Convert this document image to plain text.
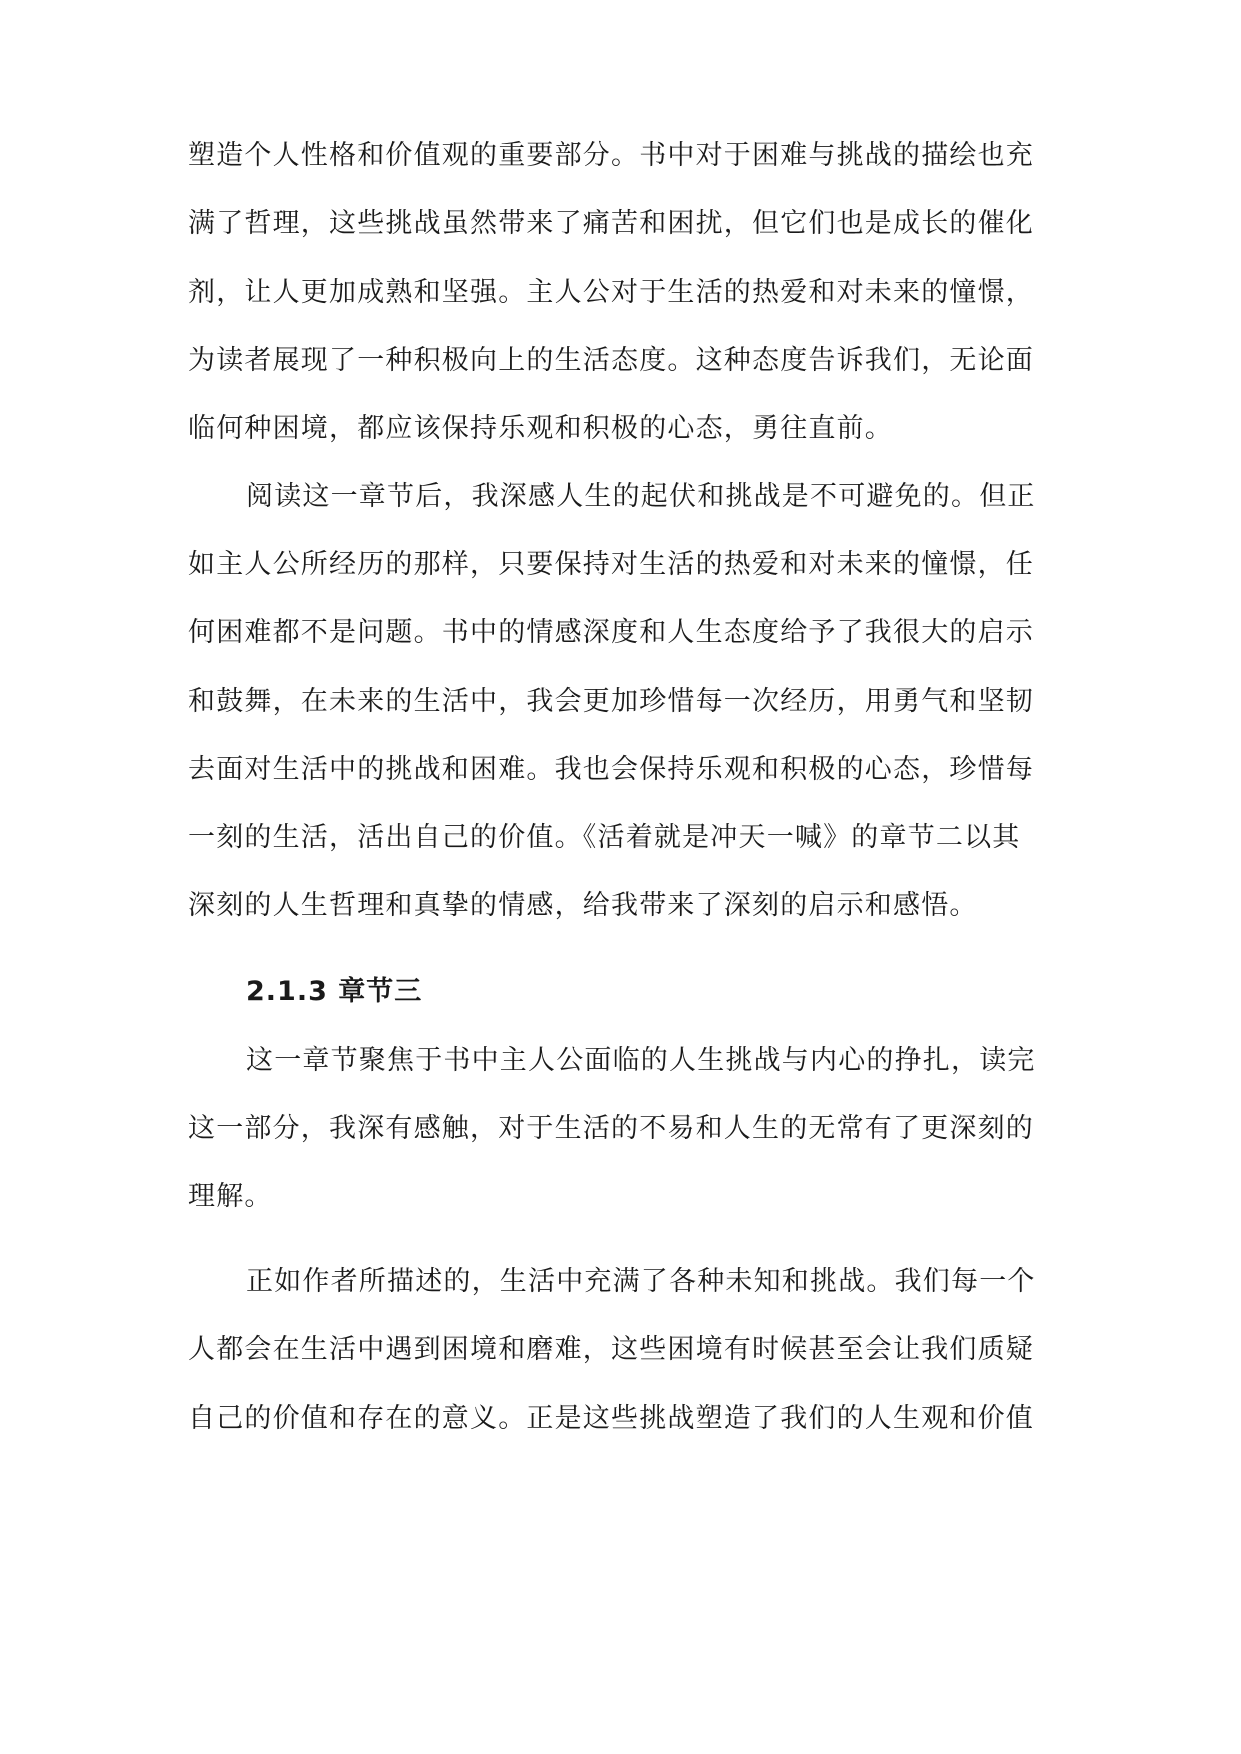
塑造个人性格和价值观的重要部分。书中对于困难与挑战的描绘也充
满了哲理，这些挑战虽然带来了痛苦和困扰，但它们也是成长的催化
剂，让人更加成熟和坚强。主人公对于生活的热爱和对未来的憧憬，
为读者展现了一种积极向上的生活态度。这种态度告诉我们，无论面
临何种困境，都应该保持乐观和积极的心态，勇往直前。
阅读这一章节后，我深感人生的起伏和挑战是不可避免的。但正
如主人公所经历的那样，只要保持对生活的热爱和对未来的憧憬，任
何困难都不是问题。书中的情感深度和人生态度给予了我很大的启示
和鼓舞，在未来的生活中，我会更加珍惜每一次经历，用勇气和坚韧
去面对生活中的挑战和困难。我也会保持乐观和积极的心态，珍惜每
一刻的生活，活出自己的价值。《活着就是冲天一喊》的章节二以其
深刻的人生哲理和真挚的情感，给我带来了深刻的启示和感悟。
2.1.3 章节三
这一章节聚焦于书中主人公面临的人生挑战与内心的挣扎，读完
这一部分，我深有感触，对于生活的不易和人生的无常有了更深刻的
理解。
正如作者所描述的，生活中充满了各种未知和挑战。我们每一个
人都会在生活中遇到困境和磨难，这些困境有时候甚至会让我们质疑
自己的价值和存在的意义。正是这些挑战塑造了我们的人生观和价值
